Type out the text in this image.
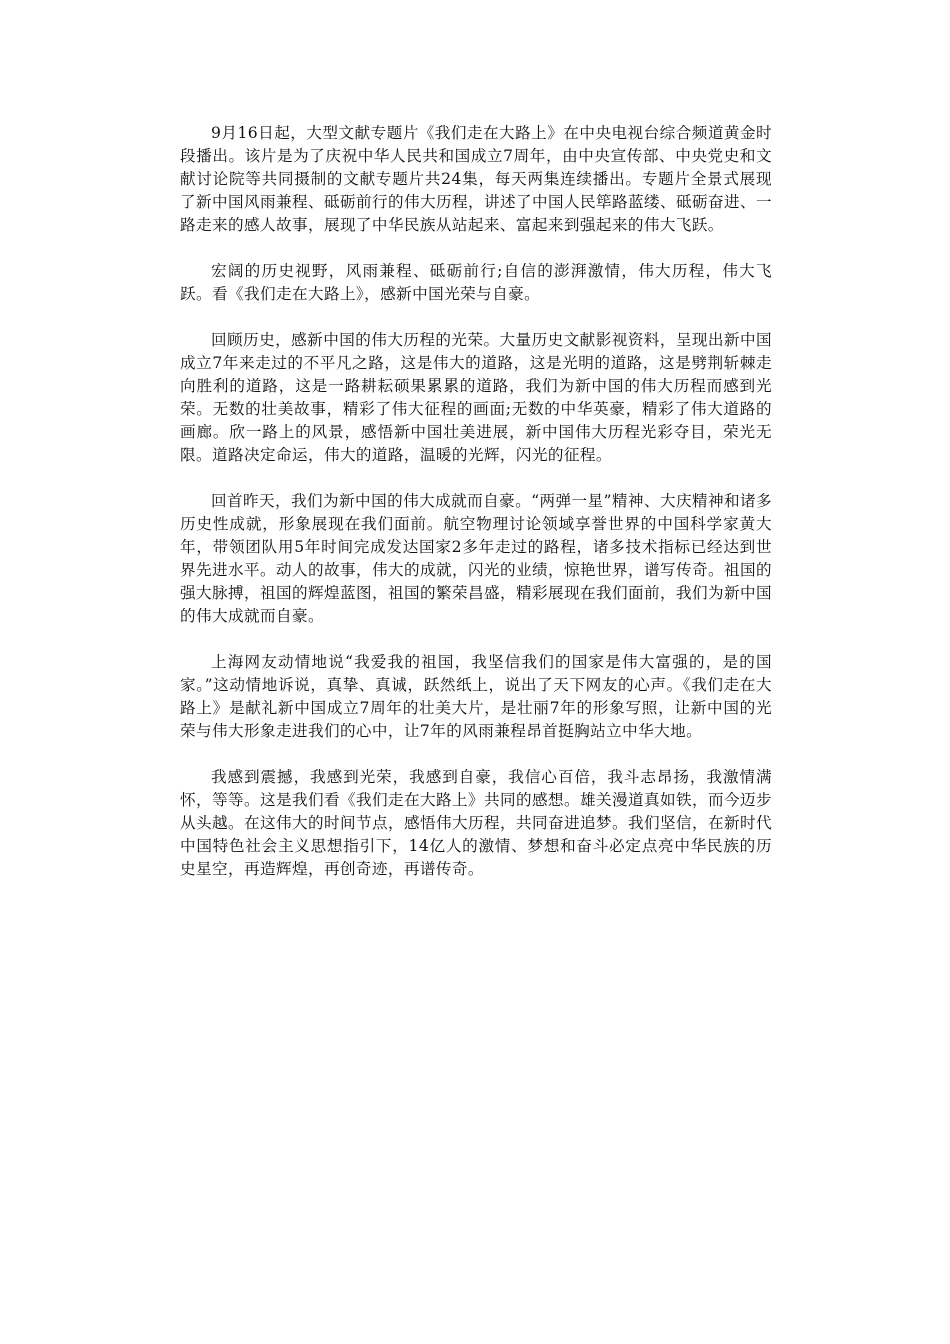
9月16日起，大型文献专题片《我们走在大路上》在中央电视台综合频道黄金时段播出。该片是为了庆祝中华人民共和国成立7周年，由中央宣传部、中央党史和文献讨论院等共同摄制的文献专题片共24集，每天两集连续播出。专题片全景式展现了新中国风雨兼程、砥砺前行的伟大历程，讲述了中国人民筚路蓝缕、砥砺奋进、一路走来的感人故事，展现了中华民族从站起来、富起来到强起来的伟大飞跃。

宏阔的历史视野，风雨兼程、砥砺前行;自信的澎湃激情，伟大历程，伟大飞跃。看《我们走在大路上》，感新中国光荣与自豪。

回顾历史，感新中国的伟大历程的光荣。大量历史文献影视资料，呈现出新中国成立7年来走过的不平凡之路，这是伟大的道路，这是光明的道路，这是劈荆斩棘走向胜利的道路，这是一路耕耘硕果累累的道路，我们为新中国的伟大历程而感到光荣。无数的壮美故事，精彩了伟大征程的画面;无数的中华英豪，精彩了伟大道路的画廊。欣一路上的风景，感悟新中国壮美进展，新中国伟大历程光彩夺目，荣光无限。道路决定命运，伟大的道路，温暖的光辉，闪光的征程。

回首昨天，我们为新中国的伟大成就而自豪。“两弹一星”精神、大庆精神和诸多历史性成就，形象展现在我们面前。航空物理讨论领域享誉世界的中国科学家黄大年，带领团队用5年时间完成发达国家2多年走过的路程，诸多技术指标已经达到世界先进水平。动人的故事，伟大的成就，闪光的业绩，惊艳世界，谱写传奇。祖国的强大脉搏，祖国的辉煌蓝图，祖国的繁荣昌盛，精彩展现在我们面前，我们为新中国的伟大成就而自豪。

上海网友动情地说“我爱我的祖国，我坚信我们的国家是伟大富强的，是的国家。”这动情地诉说，真挚、真诚，跃然纸上，说出了天下网友的心声。《我们走在大路上》是献礼新中国成立7周年的壮美大片，是壮丽7年的形象写照，让新中国的光荣与伟大形象走进我们的心中，让7年的风雨兼程昂首挺胸站立中华大地。

我感到震撼，我感到光荣，我感到自豪，我信心百倍，我斗志昂扬，我激情满怀，等等。这是我们看《我们走在大路上》共同的感想。雄关漫道真如铁，而今迈步从头越。在这伟大的时间节点，感悟伟大历程，共同奋进追梦。我们坚信，在新时代中国特色社会主义思想指引下，14亿人的激情、梦想和奋斗必定点亮中华民族的历史星空，再造辉煌，再创奇迹，再谱传奇。
